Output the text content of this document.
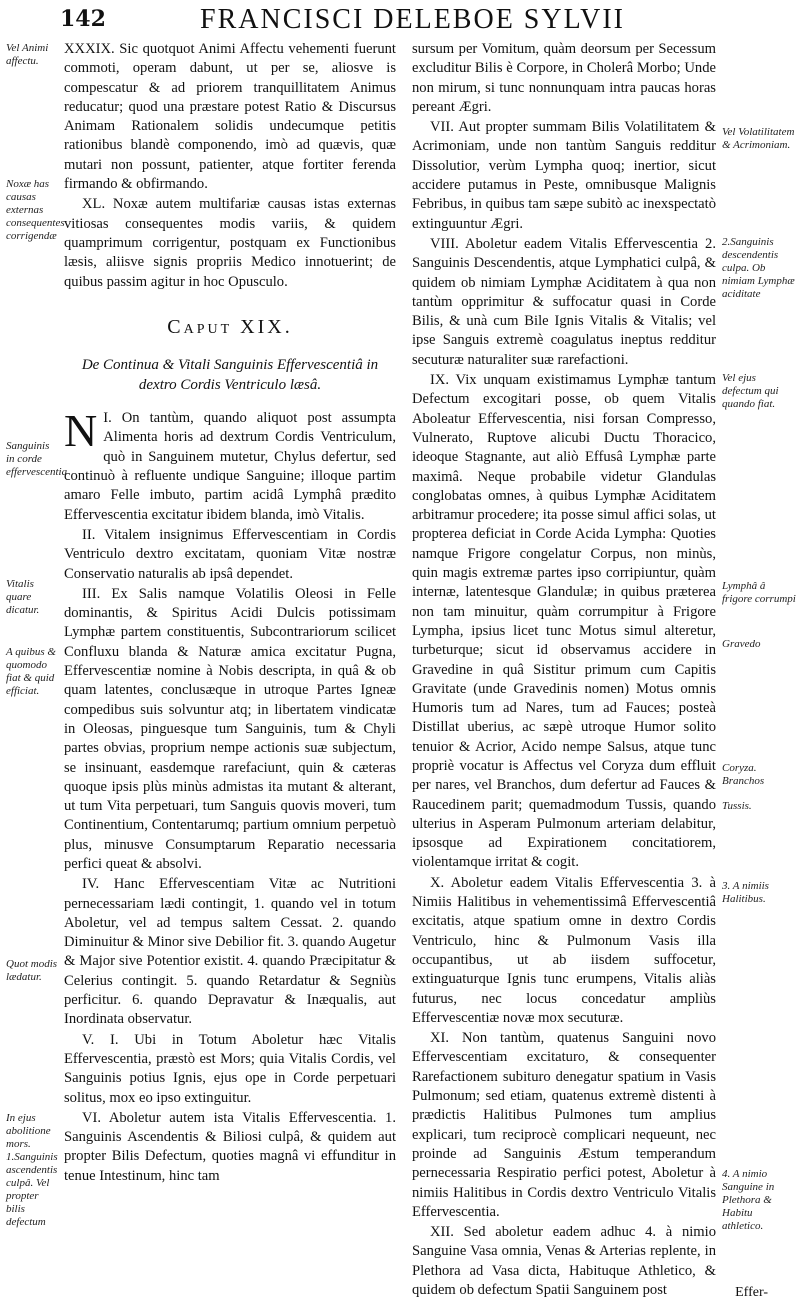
142	FRANCISCI DELEBOE SYLVII

XXXIX. Sic quotquot Animi Affectu vehementi fuerunt commoti, operam dabunt, ut per se, aliosve is compescatur & ad priorem tranquillitatem Animus reducatur; quod una præstare potest Ratio & Discursus Animam Rationalem solidis undecumque petitis rationibus blandè componendo, imò ad quævis, quæ mutari non possunt, patienter, atque fortiter ferenda firmando & obfirmando.

XL. Noxæ autem multifariæ causas istas externas vitiosas consequentes modis variis, & quidem quamprimum corrigentur, postquam ex Functionibus læsis, aliisve signis propriis Medico innotuerint; de quibus passim agitur in hoc Opusculo.

Caput XIX.
De Continua & Vitali Sanguinis Effervescentiâ in dextro Cordis Ventriculo læsâ.

N I. On tantùm, quando aliquot post assumpta Alimenta horis ad dextrum Cordis Ventriculum, quò in Sanguinem mutetur, Chylus defertur, sed continuò à refluente undique Sanguine; illoque partim amaro Felle imbuto, partim acidâ Lymphâ prædito Effervescentia excitatur ibidem blanda, imò Vitalis.

II. Vitalem insignimus Effervescentiam in Cordis Ventriculo dextro excitatam, quoniam Vitæ nostræ Conservatio naturalis ab ipsâ dependet.

III. Ex Salis namque Volatilis Oleosi in Felle dominantis, & Spiritus Acidi Dulcis potissimam Lymphæ partem constituentis, Subcontrariorum scilicet Confluxu blanda & Naturæ amica excitatur Pugna, Effervescentiæ nomine à Nobis descripta, in quâ & ob quam latentes, conclusæque in utroque Partes Igneæ compedibus suis solvuntur atq; in libertatem vindicatæ in Oleosas, pinguesque tum Sanguinis, tum & Chyli partes obvias, proprium nempe actionis suæ subjectum, se insinuant, easdemque rarefaciunt, quin & cæteras quoque ipsis plùs minùs admistas ita mutant & alterant, ut tum Vita perpetuari, tum Sanguis quovis moveri, tum Continentium, Contentarumq; partium omnium perpetuò plus, minusve Consumptarum Reparatio necessaria perfici queat & absolvi.

IV. Hanc Effervescentiam Vitæ ac Nutritioni pernecessariam lædi contingit, 1. quando vel in totum Aboletur, vel ad tempus saltem Cessat. 2. quando Diminuitur & Minor sive Debilior fit. 3. quando Augetur & Major sive Potentior existit. 4. quando Præcipitatur & Celerius contingit. 5. quando Retardatur & Segniùs perficitur. 6. quando Depravatur & Inæqualis, aut Inordinata observatur.

V. I. Ubi in Totum Aboletur hæc Vitalis Effervescentia, præstò est Mors; quia Vitalis Cordis, vel Sanguinis potius Ignis, ejus ope in Corde perpetuari solitus, mox eo ipso extinguitur.

VI. Aboletur autem ista Vitalis Effervescentia. 1. Sanguinis Ascendentis & Biliosi culpâ, & quidem aut propter Bilis Defectum, quoties magnâ vi effunditur in tenue Intestinum, hinc tam

sursum per Vomitum, quàm deorsum per Secessum excluditur Bilis è Corpore, in Cholerâ Morbo; Unde non mirum, si tunc nonnunquam intra paucas horas pereant Ægri.

VII. Aut propter summam Bilis Volatilitatem & Acrimoniam, unde non tantùm Sanguis redditur Dissolutior, verùm Lympha quoq; inertior, sicut accidere putamus in Peste, omnibusque Malignis Febribus, in quibus tam sæpe subitò ac inexspectatò extinguuntur Ægri.

VIII. Aboletur eadem Vitalis Effervescentia 2. Sanguinis Descendentis, atque Lymphatici culpâ, & quidem ob nimiam Lymphæ Aciditatem à qua non tantùm opprimitur & suffocatur quasi in Corde Bilis, & unà cum Bile Ignis Vitalis & Vitalis; vel ipse Sanguis extremè coagulatus ineptus redditur secuturæ naturaliter suæ rarefactioni.

IX. Vix unquam existimamus Lymphæ tantum Defectum excogitari posse, ob quem Vitalis Aboleatur Effervescentia, nisi forsan Compresso, Vulnerato, Ruptove alicubi Ductu Thoracico, ideoque Stagnante, aut aliò Effusâ Lymphæ parte maximâ. Neque probabile videtur Glandulas conglobatas omnes, à quibus Lymphæ Aciditatem arbitramur procedere; ita posse simul affici solas, ut propterea deficiat in Corde Acida Lympha: Quoties namque Frigore congelatur Corpus, non minùs, quin magis extremæ partes ipso corripiuntur, quàm internæ, latentesque Glandulæ; in quibus præterea non tam minuitur, quàm corrumpitur à Frigore Lympha, ipsius licet tunc Motus simul alteretur, turbeturque; sicut id observamus accidere in Gravedine in quâ Sistitur primum cum Capitis Gravitate (unde Gravedinis nomen) Motus omnis Humoris tum ad Nares, tum ad Fauces; posteà Distillat uberius, ac sæpè utroque Humor solito tenuior & Acrior, Acido nempe Salsus, atque tunc propriè vocatur is Affectus vel Coryza dum effluit per nares, vel Branchos, dum defertur ad Fauces & Raucedinem parit; quemadmodum Tussis, quando ulterius in Asperam Pulmonum arteriam delabitur, ipsosque ad Expirationem concitatiorem, violentamque irritat & cogit.

X. Aboletur eadem Vitalis Effervescentia 3. à Nimiis Halitibus in vehementissimâ Effervescentiâ excitatis, atque spatium omne in dextro Cordis Ventriculo, hinc & Pulmonum Vasis illa occupantibus, ut ab iisdem suffocetur, extinguaturque Ignis tunc erumpens, Vitalis aliàs futurus, nec locus concedatur ampliùs Effervescentiæ novæ mox secuturæ.

XI. Non tantùm, quatenus Sanguini novo Effervescentiam excitaturo, & consequenter Rarefactionem subituro denegatur spatium in Vasis Pulmonum; sed etiam, quatenus extremè distenti à prædictis Halitibus Pulmones tum amplius explicari, tum reciprocè complicari nequeunt, nec proinde ad Sanguinis Æstum temperandum pernecessaria Respiratio perfici potest, Aboletur à nimiis Halitibus in Cordis dextro Ventriculo Vitalis Effervescentia.

XII. Sed aboletur eadem adhuc 4. à nimio Sanguine Vasa omnia, Venas & Arterias replente, in Plethora ad Vasa dicta, Habituque Athletico, & quidem ob defectum Spatii Sanguinem post

Vel Animi affectu.
Noxæ has causas externas consequentes corrigendæ
Sanguinis in corde effervescentia
Vitalis quare dicatur.
A quibus & quomodo fiat & quid efficiat.
Quot modis lædatur.
In ejus abolitione mors. 1.Sanguinis ascendentis culpâ. Vel propter bilis defectum
Vel Volatilitatem & Acrimoniam.
2.Sanguinis descendentis culpa. Ob nimiam Lymphæ aciditate
Vel ejus defectum qui quando fiat.
Lymphâ â frigore corrumpi
Gravedo
Coryza. Branchos
Tussis.
3. A nimiis Halitibus.
4. A nimio Sanguine in Plethora & Habitu athletico.
Effer-
